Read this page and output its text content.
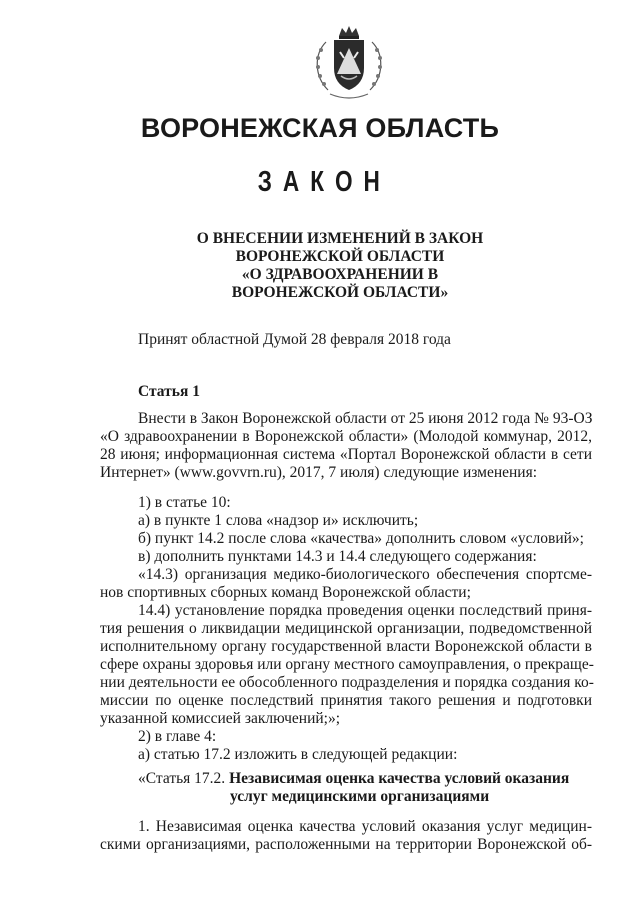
ВОРОНЕЖСКАЯ ОБЛАСТЬ
З А К О Н
О ВНЕСЕНИИ ИЗМЕНЕНИЙ В ЗАКОН
ВОРОНЕЖСКОЙ ОБЛАСТИ
«О ЗДРАВООХРАНЕНИИ В
ВОРОНЕЖСКОЙ ОБЛАСТИ»
Принят областной Думой 28 февраля 2018 года
Статья 1
Внести в Закон Воронежской области от 25 июня 2012 года № 93-ОЗ
«О здравоохранении в Воронежской области» (Молодой коммунар, 2012,
28 июня; информационная система «Портал Воронежской области в сети
Интернет» (www.govvrn.ru), 2017, 7 июля) следующие изменения:
1) в статье 10:
а) в пункте 1 слова «надзор и» исключить;
б) пункт 14.2 после слова «качества» дополнить словом «условий»;
в) дополнить пунктами 14.3 и 14.4 следующего содержания:
«14.3) организация медико-биологического обеспечения спортсме-
нов спортивных сборных команд Воронежской области;
14.4) установление порядка проведения оценки последствий приня-
тия решения о ликвидации медицинской организации, подведомственной
исполнительному органу государственной власти Воронежской области в
сфере охраны здоровья или органу местного самоуправления, о прекраще-
нии деятельности ее обособленного подразделения и порядка создания ко-
миссии по оценке последствий принятия такого решения и подготовки
указанной комиссией заключений;»;
2) в главе 4:
а) статью 17.2 изложить в следующей редакции:
«Статья 17.2. Независимая оценка качества условий оказания
услуг медицинскими организациями
1. Независимая оценка качества условий оказания услуг медицин-
скими организациями, расположенными на территории Воронежской об-
